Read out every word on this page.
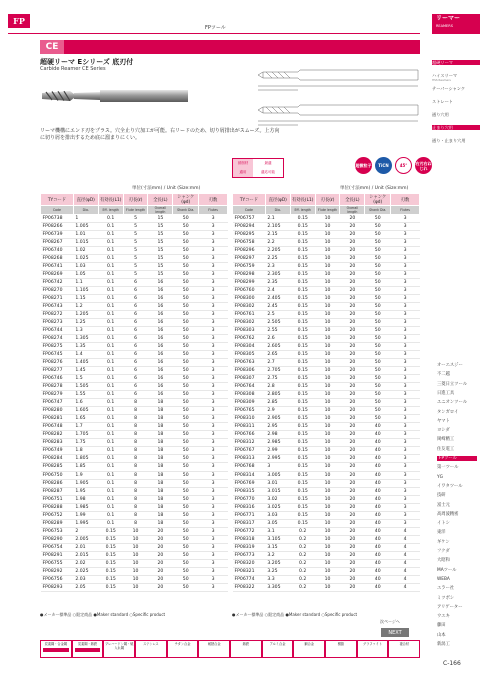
FP
FPツール
CE
超硬リーマ Eシリーズ 底刃付
Carbide Reamer CE Series
リーマ機構にエンド刃をプラス。穴全止り穴加工が可能。右リードのため、切り屑排出がスムーズ。上方向に切り屑を排出するため底に溜まりにくい。
被削材	最適
適用	適応可能
超微粒子	TiCN	45°	右刃右ねじれ
単位(寸法mm) / Unit (Size:mm)	単位(寸法mm) / Unit (Size:mm)
TYコード	直径(φD)	有効長(L1)	刃長(ℓ)	全長(L)	シャンク(φd)	刃数
Code	Dia.	Eff. length	Flute length	Overall length	Shank Dia.	Flutes
FP06738	1	0.1	5	15	50	3
FP08266	1.005	0.1	5	15	50	3
FP06739	1.01	0.1	5	15	50	3
FP08267	1.015	0.1	5	15	50	3
FP06740	1.02	0.1	5	15	50	3
FP08268	1.025	0.1	5	15	50	3
FP06741	1.03	0.1	5	15	50	3
FP08269	1.05	0.1	5	15	50	3
FP06742	1.1	0.1	6	16	50	3
FP08270	1.105	0.1	6	16	50	3
FP08271	1.15	0.1	6	16	50	3
FP06743	1.2	0.1	6	16	50	3
FP08272	1.205	0.1	6	16	50	3
FP08273	1.25	0.1	6	16	50	3
FP06744	1.3	0.1	6	16	50	3
FP08274	1.305	0.1	6	16	50	3
FP08275	1.35	0.1	6	16	50	3
FP06745	1.4	0.1	6	16	50	3
FP08276	1.405	0.1	6	16	50	3
FP08277	1.45	0.1	6	16	50	3
FP06746	1.5	0.1	6	16	50	3
FP08278	1.505	0.1	6	16	50	3
FP08279	1.55	0.1	6	16	50	3
FP06747	1.6	0.1	8	18	50	3
FP08280	1.605	0.1	8	18	50	3
FP08281	1.65	0.1	8	18	50	3
FP06748	1.7	0.1	8	18	50	3
FP08282	1.705	0.1	8	18	50	3
FP08283	1.75	0.1	8	18	50	3
FP06749	1.8	0.1	8	18	50	3
FP08284	1.805	0.1	8	18	50	3
FP08285	1.85	0.1	8	18	50	3
FP06750	1.9	0.1	8	18	50	3
FP08286	1.905	0.1	8	18	50	3
FP08287	1.95	0.1	8	18	50	3
FP06751	1.98	0.1	8	18	50	3
FP08288	1.985	0.1	8	18	50	3
FP06752	1.99	0.1	8	18	50	3
FP08289	1.995	0.1	8	18	50	3
FP06753	2	0.15	10	20	50	3
FP08290	2.005	0.15	10	20	50	3
FP06754	2.01	0.15	10	20	50	3
FP08291	2.015	0.15	10	20	50	3
FP06755	2.02	0.15	10	20	50	3
FP08292	2.025	0.15	10	20	50	3
FP06756	2.03	0.15	10	20	50	3
FP08293	2.05	0.15	10	20	50	3
TYコード	直径(φD)	有効長(L1)	刃長(ℓ)	全長(L)	シャンク(φd)	刃数
Code	Dia.	Eff. length	Flute length	Overall length	Shank Dia.	Flutes
FP06757	2.1	0.15	10	20	50	3
FP08294	2.105	0.15	10	20	50	3
FP08295	2.15	0.15	10	20	50	3
FP06758	2.2	0.15	10	20	50	3
FP08296	2.205	0.15	10	20	50	3
FP08297	2.25	0.15	10	20	50	3
FP06759	2.3	0.15	10	20	50	3
FP08298	2.305	0.15	10	20	50	3
FP08299	2.35	0.15	10	20	50	3
FP06760	2.4	0.15	10	20	50	3
FP08300	2.405	0.15	10	20	50	3
FP08302	2.45	0.15	10	20	50	3
FP06761	2.5	0.15	10	20	50	3
FP08302	2.505	0.15	10	20	50	3
FP08303	2.55	0.15	10	20	50	3
FP06762	2.6	0.15	10	20	50	3
FP08304	2.605	0.15	10	20	50	3
FP08305	2.65	0.15	10	20	50	3
FP06763	2.7	0.15	10	20	50	3
FP08306	2.705	0.15	10	20	50	3
FP08307	2.75	0.15	10	20	50	3
FP06764	2.8	0.15	10	20	50	3
FP08308	2.805	0.15	10	20	50	3
FP08309	2.85	0.15	10	20	50	3
FP06765	2.9	0.15	10	20	50	3
FP08310	2.905	0.15	10	20	50	3
FP08311	2.95	0.15	10	20	40	3
FP06766	2.98	0.15	10	20	40	3
FP08312	2.985	0.15	10	20	40	3
FP06767	2.99	0.15	10	20	40	3
FP08313	2.995	0.15	10	20	40	3
FP06768	3	0.15	10	20	40	3
FP08314	3.005	0.15	10	20	40	3
FP06769	3.01	0.15	10	20	40	3
FP08315	3.015	0.15	10	20	40	3
FP06770	3.02	0.15	10	20	40	3
FP08316	3.025	0.15	10	20	40	3
FP06771	3.03	0.15	10	20	40	3
FP08317	3.05	0.15	10	20	40	3
FP06772	3.1	0.2	10	20	40	4
FP08318	3.105	0.2	10	20	40	4
FP08319	3.15	0.2	10	20	40	4
FP06773	3.2	0.2	10	20	40	4
FP08320	3.205	0.2	10	20	40	4
FP08321	3.25	0.2	10	20	40	4
FP06774	3.3	0.2	10	20	40	4
FP08322	3.305	0.2	10	20	40	4
●メーカー標準品 ○限定商品 ●Maker standard ○Specific product	●メーカー標準品 ○限定商品 ●Maker standard ○Specific product
次ページへ
NEXT
炭素鋼・合金鋼	炭素鋼・鋳鉄	プレハードン鋼・焼入れ鋼
ステンレス	チタン合金	耐熱合金	鋳鉄	アルミ合金	銅合金	樹脂	グラファイト	複合材
C-166
リーマー
REAMERS
超硬リーマ
ハイスリーマ
HSS Reamers
テーパーシャンク
ストレート
通り穴用
止まり穴用
通り・止まり穴用
オーエスジー
不二越
三菱日立ツール
日進工具
ユニオンツール
タンガロイ
ヤマト
ヨシダ
岡崎精工
住友電工
FPツール
第一ツール
YG
イワタツール
技研
富士元
高周波精密
イトシ
東洋
ギケン
フクダ
大昭和
MAツール
WEBA
エラー社
ミツボシ
アリゲーター
ウエキ
藤田
山本
新潟工
